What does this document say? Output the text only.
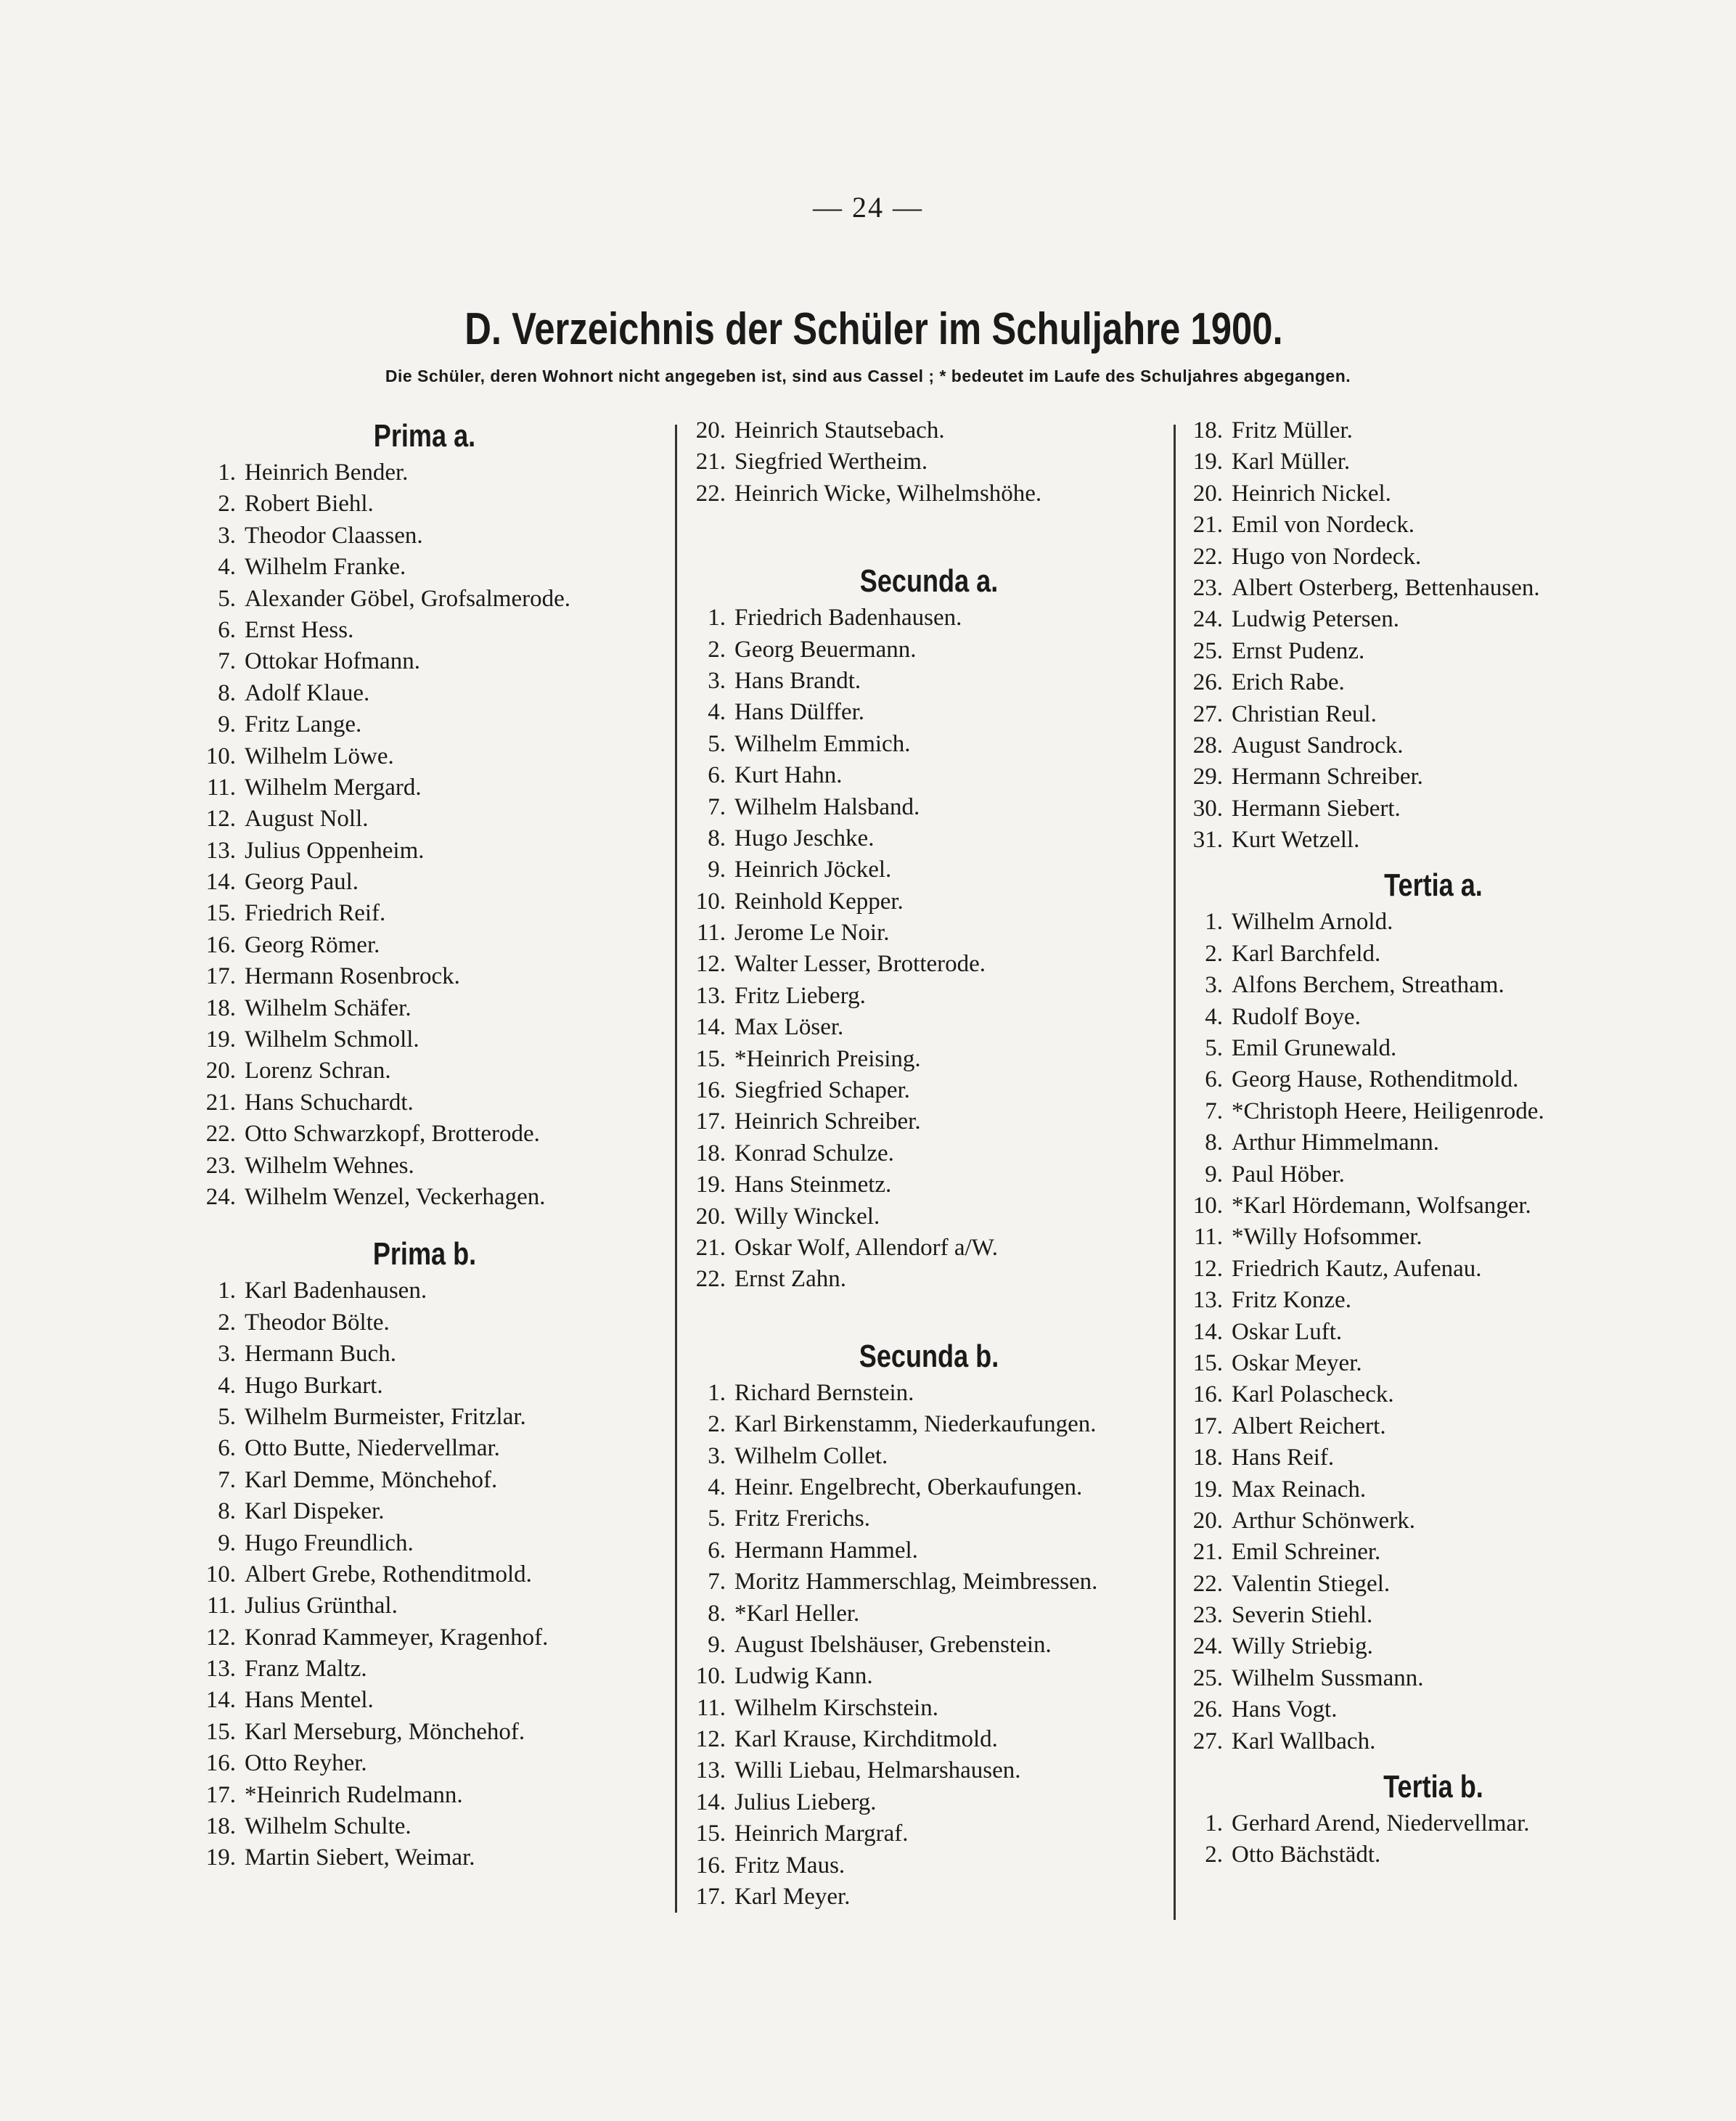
— 24 —
D. Verzeichnis der Schüler im Schuljahre 1900.
Die Schüler, deren Wohnort nicht angegeben ist, sind aus Cassel ; * bedeutet im Laufe des Schuljahres abgegangen.
Prima a.
1. Heinrich Bender.
2. Robert Biehl.
3. Theodor Claassen.
4. Wilhelm Franke.
5. Alexander Göbel, Grofsalmerode.
6. Ernst Hess.
7. Ottokar Hofmann.
8. Adolf Klaue.
9. Fritz Lange.
10. Wilhelm Löwe.
11. Wilhelm Mergard.
12. August Noll.
13. Julius Oppenheim.
14. Georg Paul.
15. Friedrich Reif.
16. Georg Römer.
17. Hermann Rosenbrock.
18. Wilhelm Schäfer.
19. Wilhelm Schmoll.
20. Lorenz Schran.
21. Hans Schuchardt.
22. Otto Schwarzkopf, Brotterode.
23. Wilhelm Wehnes.
24. Wilhelm Wenzel, Veckerhagen.
Prima b.
1. Karl Badenhausen.
2. Theodor Bölte.
3. Hermann Buch.
4. Hugo Burkart.
5. Wilhelm Burmeister, Fritzlar.
6. Otto Butte, Niedervellmar.
7. Karl Demme, Mönchehof.
8. Karl Dispeker.
9. Hugo Freundlich.
10. Albert Grebe, Rothenditmold.
11. Julius Grünthal.
12. Konrad Kammeyer, Kragenhof.
13. Franz Maltz.
14. Hans Mentel.
15. Karl Merseburg, Mönchehof.
16. Otto Reyher.
17. *Heinrich Rudelmann.
18. Wilhelm Schulte.
19. Martin Siebert, Weimar.
20. Heinrich Stautsebach.
21. Siegfried Wertheim.
22. Heinrich Wicke, Wilhelmshöhe.
Secunda a.
1. Friedrich Badenhausen.
2. Georg Beuermann.
3. Hans Brandt.
4. Hans Dülffer.
5. Wilhelm Emmich.
6. Kurt Hahn.
7. Wilhelm Halsband.
8. Hugo Jeschke.
9. Heinrich Jöckel.
10. Reinhold Kepper.
11. Jerome Le Noir.
12. Walter Lesser, Brotterode.
13. Fritz Lieberg.
14. Max Löser.
15. *Heinrich Preising.
16. Siegfried Schaper.
17. Heinrich Schreiber.
18. Konrad Schulze.
19. Hans Steinmetz.
20. Willy Winckel.
21. Oskar Wolf, Allendorf a/W.
22. Ernst Zahn.
Secunda b.
1. Richard Bernstein.
2. Karl Birkenstamm, Niederkaufungen.
3. Wilhelm Collet.
4. Heinr. Engelbrecht, Oberkaufungen.
5. Fritz Frerichs.
6. Hermann Hammel.
7. Moritz Hammerschlag, Meimbressen.
8. *Karl Heller.
9. August Ibelshäuser, Grebenstein.
10. Ludwig Kann.
11. Wilhelm Kirschstein.
12. Karl Krause, Kirchditmold.
13. Willi Liebau, Helmarshausen.
14. Julius Lieberg.
15. Heinrich Margraf.
16. Fritz Maus.
17. Karl Meyer.
18. Fritz Müller.
19. Karl Müller.
20. Heinrich Nickel.
21. Emil von Nordeck.
22. Hugo von Nordeck.
23. Albert Osterberg, Bettenhausen.
24. Ludwig Petersen.
25. Ernst Pudenz.
26. Erich Rabe.
27. Christian Reul.
28. August Sandrock.
29. Hermann Schreiber.
30. Hermann Siebert.
31. Kurt Wetzell.
Tertia a.
1. Wilhelm Arnold.
2. Karl Barchfeld.
3. Alfons Berchem, Streatham.
4. Rudolf Boye.
5. Emil Grunewald.
6. Georg Hause, Rothenditmold.
7. *Christoph Heere, Heiligenrode.
8. Arthur Himmelmann.
9. Paul Höber.
10. *Karl Hördemann, Wolfsanger.
11. *Willy Hofsommer.
12. Friedrich Kautz, Aufenau.
13. Fritz Konze.
14. Oskar Luft.
15. Oskar Meyer.
16. Karl Polascheck.
17. Albert Reichert.
18. Hans Reif.
19. Max Reinach.
20. Arthur Schönwerk.
21. Emil Schreiner.
22. Valentin Stiegel.
23. Severin Stiehl.
24. Willy Striebig.
25. Wilhelm Sussmann.
26. Hans Vogt.
27. Karl Wallbach.
Tertia b.
1. Gerhard Arend, Niedervellmar.
2. Otto Bächstädt.
